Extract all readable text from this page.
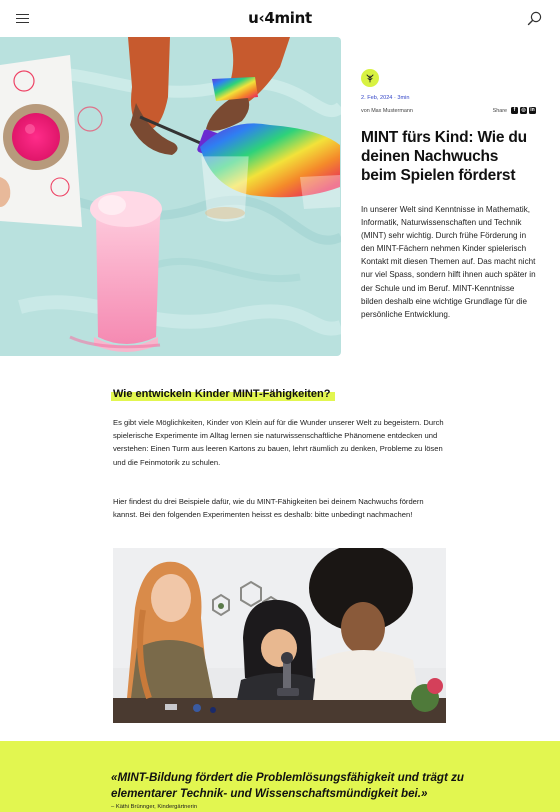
u‹4mint
2. Feb, 2024 · 3min
von Max Mustermann	Share	f	◎ in
MINT fürs Kind: Wie du deinen Nachwuchs beim Spielen förderst

In unserer Welt sind Kenntnisse in Mathematik, Informatik, Naturwissenschaften und Technik (MINT) sehr wichtig. Durch frühe Förderung in den MINT-Fächern nehmen Kinder spielerisch Kontakt mit diesen Themen auf. Das macht nicht nur viel Spass, sondern hilft ihnen auch später in der Schule und im Beruf. MINT-Kenntnisse bilden deshalb eine wichtige Grundlage für die persönliche Entwicklung.

Wie entwickeln Kinder MINT-Fähigkeiten?

Es gibt viele Möglichkeiten, Kinder von Klein auf für die Wunder unserer Welt zu begeistern. Durch spielerische Experimente im Alltag lernen sie naturwissenschaftliche Phänomene entdecken und verstehen: Einen Turm aus leeren Kartons zu bauen, lehrt räumlich zu denken, Probleme zu lösen und die Feinmotorik zu schulen.

Hier findest du drei Beispiele dafür, wie du MINT-Fähigkeiten bei deinem Nachwuchs fördern kannst. Bei den folgenden Experimenten heisst es deshalb: bitte unbedingt nachmachen!

«MINT-Bildung fördert die Problemlösungsfähigkeit und trägt zu elementarer Technik- und Wissenschaftsmündigkeit bei.»

– Käthi Brünnger, Kindergärtnerin
